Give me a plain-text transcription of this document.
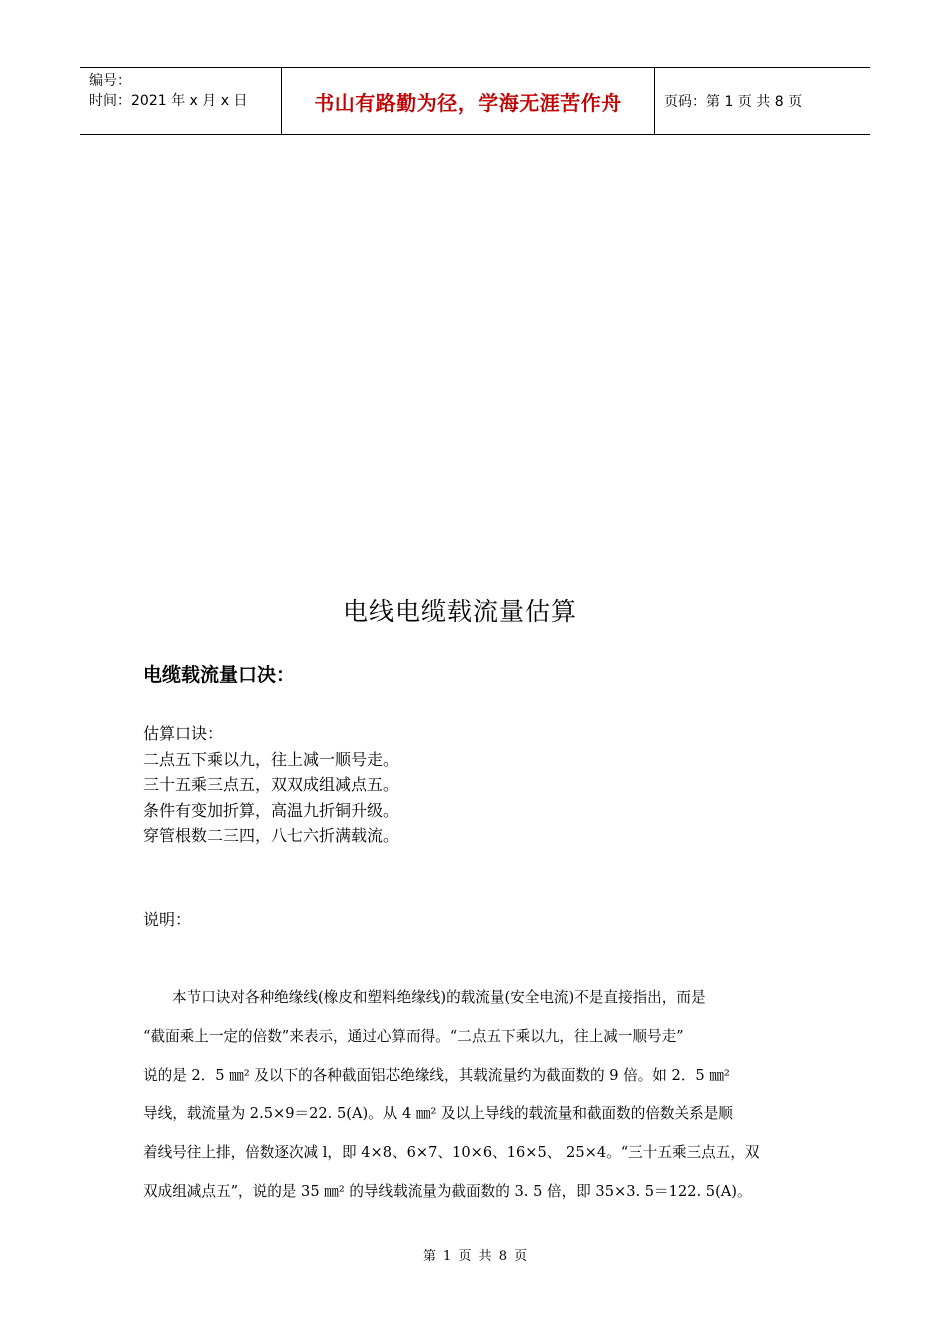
编号：
时间：2021 年 x 月 x 日	书山有路勤为径，学海无涯苦作舟	页码：第 1 页 共 8 页
电线电缆载流量估算
电缆载流量口决：
估算口诀：
二点五下乘以九，往上减一顺号走。
三十五乘三点五，双双成组减点五。
条件有变加折算，高温九折铜升级。
穿管根数二三四，八七六折满载流。
说明：
本节口诀对各种绝缘线(橡皮和塑料绝缘线)的载流量(安全电流)不是直接指出，而是
“截面乘上一定的倍数”来表示，通过心算而得。“二点五下乘以九，往上减一顺号走”
说的是 2．5 ㎜² 及以下的各种截面铝芯绝缘线，其载流量约为截面数的 9 倍。如 2．5 ㎜²
导线，载流量为 2.5×9＝22. 5(A)。从 4 ㎜² 及以上导线的载流量和截面数的倍数关系是顺
着线号往上排，倍数逐次减 l，即 4×8、6×7、10×6、16×5、 25×4。“三十五乘三点五，双
双成组减点五”，说的是 35 ㎜² 的导线载流量为截面数的 3. 5 倍，即 35×3. 5＝122. 5(A)。
第 1 页 共 8 页
